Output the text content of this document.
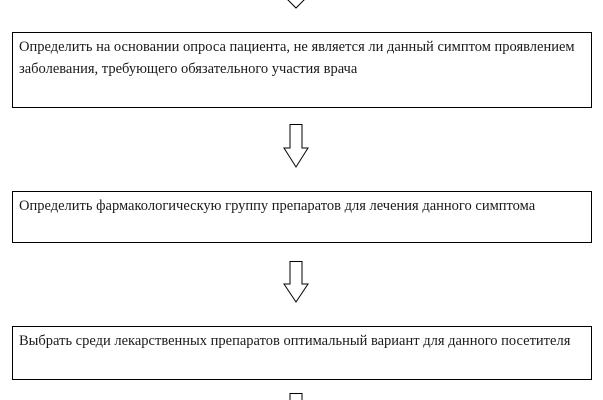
Определить на основании опроса пациента, не является ли данный симптом проявлением заболевания, требующего обязательного участия врача
Определить фармакологическую группу препаратов для лечения данного симптома
Выбрать среди лекарственных препаратов оптимальный вариант для данного посетителя
